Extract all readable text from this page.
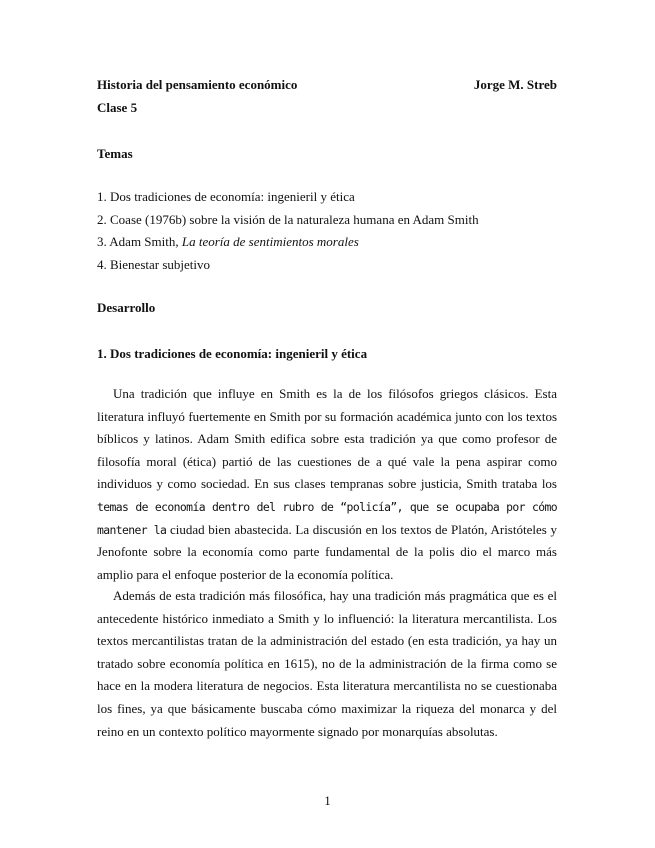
Historia del pensamiento económico	Jorge M. Streb
Clase 5
Temas
1. Dos tradiciones de economía: ingenieril y ética
2. Coase (1976b) sobre la visión de la naturaleza humana en Adam Smith
3. Adam Smith, La teoría de sentimientos morales
4. Bienestar subjetivo
Desarrollo
1. Dos tradiciones de economía: ingenieril y ética

Una tradición que influye en Smith es la de los filósofos griegos clásicos. Esta literatura influyó fuertemente en Smith por su formación académica junto con los textos bíblicos y latinos. Adam Smith edifica sobre esta tradición ya que como profesor de filosofía moral (ética) partió de las cuestiones de a qué vale la pena aspirar como individuos y como sociedad. En sus clases tempranas sobre justicia, Smith trataba los temas de economía dentro del rubro de “policía”, que se ocupaba por cómo mantener la ciudad bien abastecida. La discusión en los textos de Platón, Aristóteles y Jenofonte sobre la economía como parte fundamental de la polis dio el marco más amplio para el enfoque posterior de la economía política.

Además de esta tradición más filosófica, hay una tradición más pragmática que es el antecedente histórico inmediato a Smith y lo influenció: la literatura mercantilista. Los textos mercantilistas tratan de la administración del estado (en esta tradición, ya hay un tratado sobre economía política en 1615), no de la administración de la firma como se hace en la modera literatura de negocios. Esta literatura mercantilista no se cuestionaba los fines, ya que básicamente buscaba cómo maximizar la riqueza del monarca y del reino en un contexto político mayormente signado por monarquías absolutas.

1
